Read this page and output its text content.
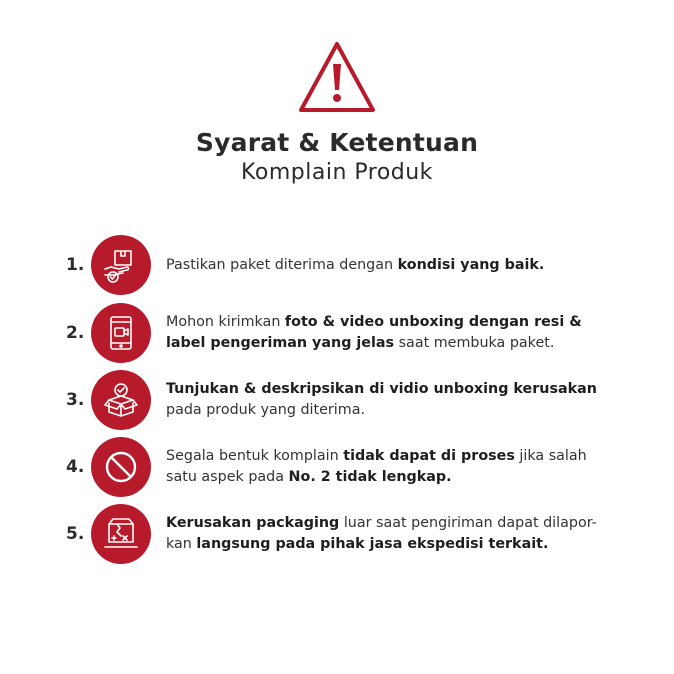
Syarat & Ketentuan
Komplain Produk
1.	Pastikan paket diterima dengan kondisi yang baik.
2.
Mohon kirimkan foto & video unboxing dengan resi & label pengeriman yang jelas saat membuka paket.
3.
Tunjukan & deskripsikan di vidio unboxing kerusakan pada produk yang diterima.
4.
Segala bentuk komplain tidak dapat di proses jika salah satu aspek pada No. 2 tidak lengkap.
5.
Kerusakan packaging luar saat pengiriman dapat dilapor-kan langsung pada pihak jasa ekspedisi terkait.
